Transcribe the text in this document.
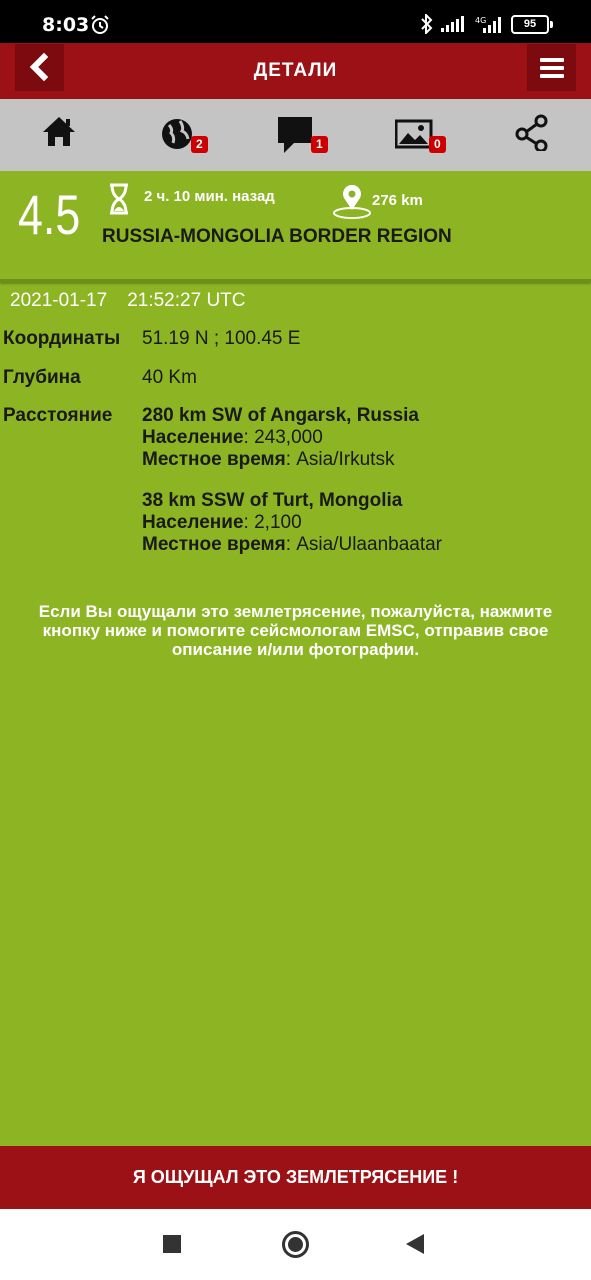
8:03	4G	95
ДЕТАЛИ
2	1	0
4.5	2 ч. 10 мин. назад	276 km
RUSSIA-MONGOLIA BORDER REGION
2021-01-17 21:52:27 UTC
Координаты 51.19 N ; 100.45 E
Глубина	40 Km
Расстояние 280 km SW of Angarsk, Russia
Население: 243,000
Местное время: Asia/Irkutsk
38 km SSW of Turt, Mongolia
Население: 2,100
Местное время: Asia/Ulaanbaatar
Если Вы ощущали это землетрясение, пожалуйста, нажмите кнопку ниже и помогите сейсмологам EMSC, отправив свое описание и/или фотографии.
Я ОЩУЩАЛ ЭТО ЗЕМЛЕТРЯСЕНИЕ !
